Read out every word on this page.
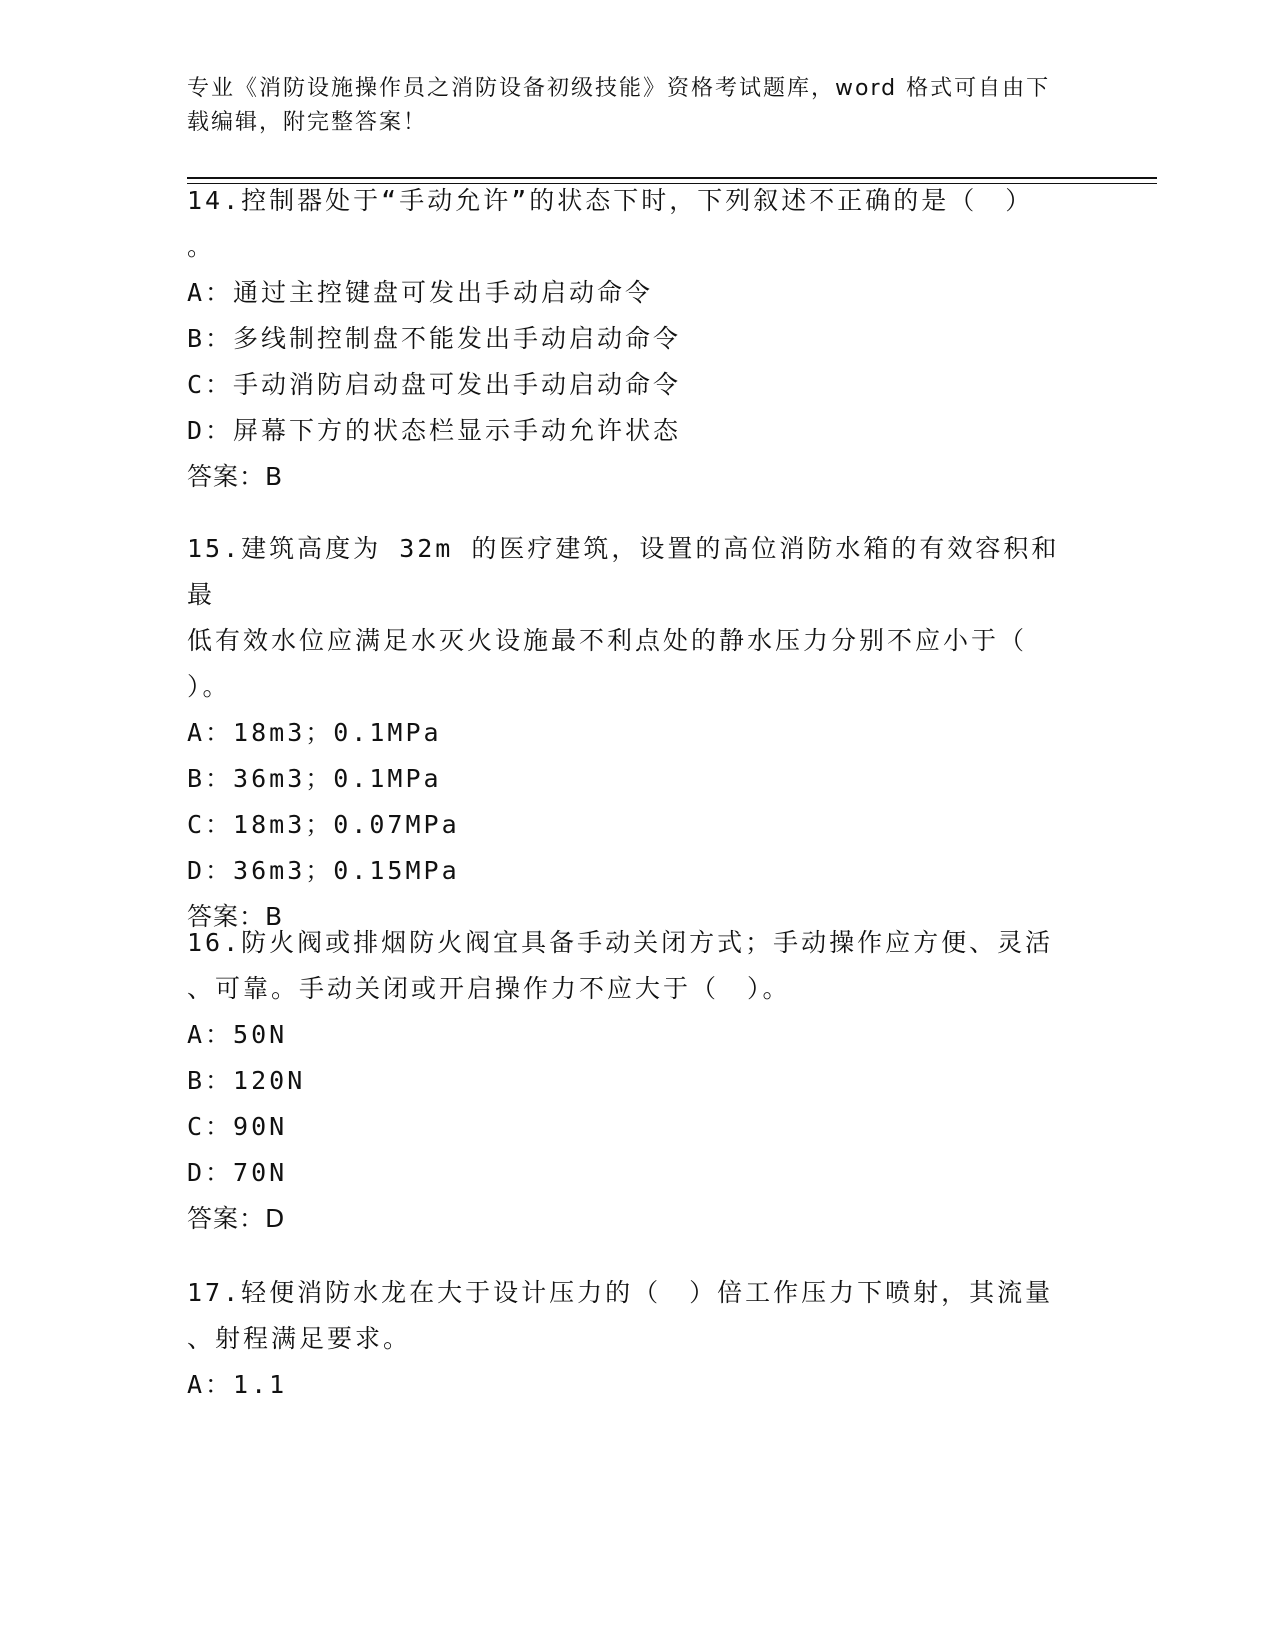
专业《消防设施操作员之消防设备初级技能》资格考试题库，word 格式可自由下
载编辑，附完整答案！

14.控制器处于“手动允许”的状态下时，下列叙述不正确的是（　）

。

A：通过主控键盘可发出手动启动命令

B：多线制控制盘不能发出手动启动命令

C：手动消防启动盘可发出手动启动命令

D：屏幕下方的状态栏显示手动允许状态

答案：B

15.建筑高度为 32m 的医疗建筑，设置的高位消防水箱的有效容积和最

低有效水位应满足水灭火设施最不利点处的静水压力分别不应小于（

）。

A：18m3；0.1MPa

B：36m3；0.1MPa

C：18m3；0.07MPa

D：36m3；0.15MPa

答案：B

16.防火阀或排烟防火阀宜具备手动关闭方式；手动操作应方便、灵活

、可靠。手动关闭或开启操作力不应大于（　）。

A：50N

B：120N

C：90N

D：70N

答案：D

17.轻便消防水龙在大于设计压力的（　）倍工作压力下喷射，其流量

、射程满足要求。

A：1.1
